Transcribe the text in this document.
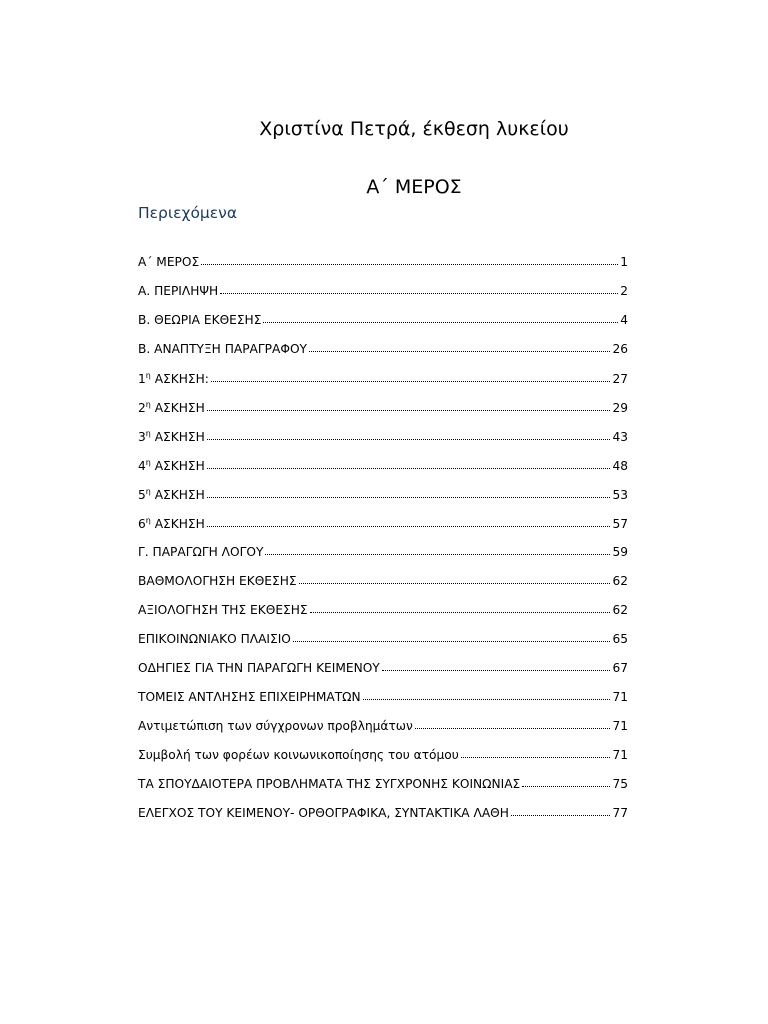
Χριστίνα Πετρά, έκθεση λυκείου
Α΄ ΜΕΡΟΣ
Περιεχόμενα
Α΄ ΜΕΡΟΣ	1
Α. ΠΕΡΙΛΗΨΗ	2
Β. ΘΕΩΡΙΑ ΕΚΘΕΣΗΣ	4
Β. ΑΝΑΠΤΥΞΗ ΠΑΡΑΓΡΑΦΟΥ	26
$1^\eta$ ΑΣΚΗΣΗ:	27
$2^\eta$ ΑΣΚΗΣΗ	29
$3^\eta$ ΑΣΚΗΣΗ	43
$4^\eta$ ΑΣΚΗΣΗ	48
$5^\eta$ ΑΣΚΗΣΗ	53
$6^\eta$ ΑΣΚΗΣΗ	57
Γ. ΠΑΡΑΓΩΓΗ ΛΟΓΟΥ	59
ΒΑΘΜΟΛΟΓΗΣΗ ΕΚΘΕΣΗΣ	62
ΑΞΙΟΛΟΓΗΣΗ ΤΗΣ ΕΚΘΕΣΗΣ	62
ΕΠΙΚΟΙΝΩΝΙΑΚΟ ΠΛΑΙΣΙΟ	65
ΟΔΗΓΙΕΣ ΓΙΑ ΤΗΝ ΠΑΡΑΓΩΓΗ ΚΕΙΜΕΝΟΥ	67
ΤΟΜΕΙΣ ΑΝΤΛΗΣΗΣ ΕΠΙΧΕΙΡΗΜΑΤΩΝ	71
Αντιμετώπιση των σύγχρονων προβλημάτων	71
Συμβολή των φορέων κοινωνικοποίησης του ατόμου	71
ΤΑ ΣΠΟΥΔΑΙΟΤΕΡΑ ΠΡΟΒΛΗΜΑΤΑ ΤΗΣ ΣΥΓΧΡΟΝΗΣ ΚΟΙΝΩΝΙΑΣ	75
ΕΛΕΓΧΟΣ ΤΟΥ ΚΕΙΜΕΝΟΥ- ΟΡΘΟΓΡΑΦΙΚΑ, ΣΥΝΤΑΚΤΙΚΑ ΛΑΘΗ	77
